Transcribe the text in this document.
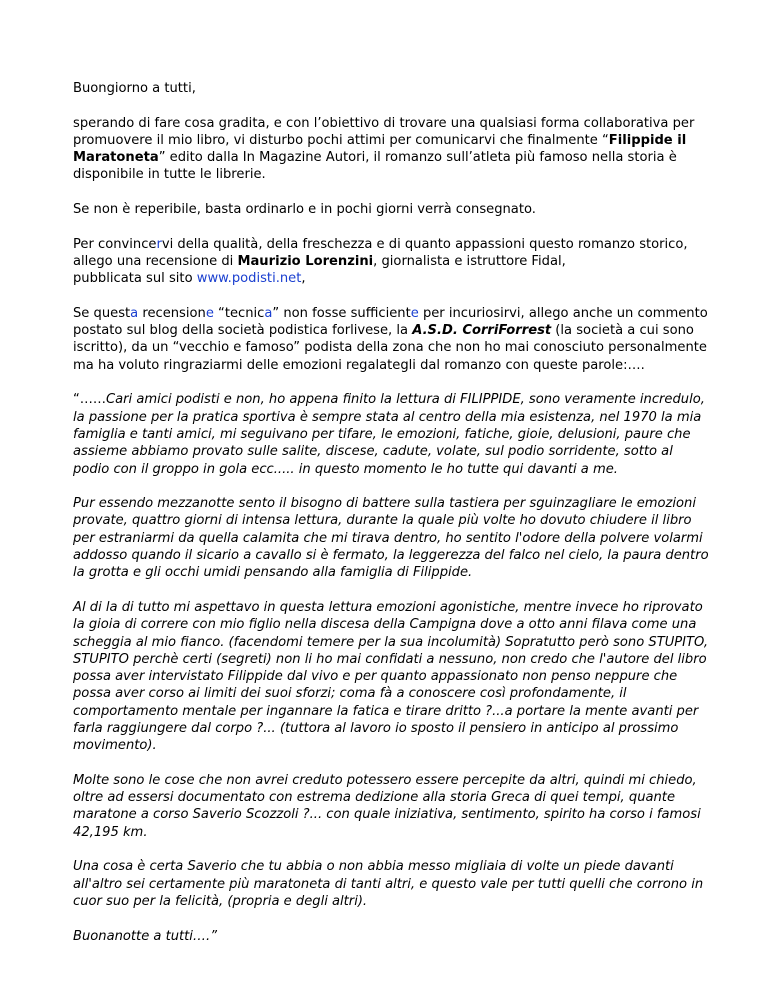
Buongiorno a tutti,

sperando di fare cosa gradita, e con l’obiettivo di trovare una qualsiasi forma collaborativa per promuovere il mio libro, vi disturbo pochi attimi per comunicarvi che finalmente “Filippide il Maratoneta” edito dalla In Magazine Autori, il romanzo sull’atleta più famoso nella storia è disponibile in tutte le librerie.

Se non è reperibile, basta ordinarlo e in pochi giorni verrà consegnato.

Per convincervi della qualità, della freschezza e di quanto appassioni questo romanzo storico, allego una recensione di Maurizio Lorenzini, giornalista e istruttore Fidal,
pubblicata sul sito www.podisti.net,

Se questa recensione “tecnica” non fosse sufficiente per incuriosirvi, allego anche un commento postato sul blog della società podistica forlivese, la A.S.D. CorriForrest (la società a cui sono iscritto), da un “vecchio e famoso” podista della zona che non ho mai conosciuto personalmente ma ha voluto ringraziarmi delle emozioni regalategli dal romanzo con queste parole:….

“……Cari amici podisti e non, ho appena finito la lettura di FILIPPIDE, sono veramente incredulo, la passione per la pratica sportiva è sempre stata al centro della mia esistenza, nel 1970 la mia famiglia e tanti amici, mi seguivano per tifare, le emozioni, fatiche, gioie, delusioni, paure che assieme abbiamo provato sulle salite, discese, cadute, volate, sul podio sorridente, sotto al podio con il groppo in gola ecc..... in questo momento le ho tutte qui davanti a me.

Pur essendo mezzanotte sento il bisogno di battere sulla tastiera per sguinzagliare le emozioni provate, quattro giorni di intensa lettura, durante la quale più volte ho dovuto chiudere il libro per estraniarmi da quella calamita che mi tirava dentro, ho sentito l'odore della polvere volarmi addosso quando il sicario a cavallo si è fermato, la leggerezza del falco nel cielo, la paura dentro la grotta e gli occhi umidi pensando alla famiglia di Filippide.

Al di la di tutto mi aspettavo in questa lettura emozioni agonistiche, mentre invece ho riprovato la gioia di correre con mio figlio nella discesa della Campigna dove a otto anni filava come una scheggia al mio fianco. (facendomi temere per la sua incolumità) Sopratutto però sono STUPITO, STUPITO perchè certi (segreti) non li ho mai confidati a nessuno, non credo che l'autore del libro possa aver intervistato Filippide dal vivo e per quanto appassionato non penso neppure che possa aver corso ai limiti dei suoi sforzi; coma fà a conoscere così profondamente, il comportamento mentale per ingannare la fatica e tirare dritto ?...a portare la mente avanti per farla raggiungere dal corpo ?... (tuttora al lavoro io sposto il pensiero in anticipo al prossimo movimento).

Molte sono le cose che non avrei creduto potessero essere percepite da altri, quindi mi chiedo, oltre ad essersi documentato con estrema dedizione alla storia Greca di quei tempi, quante maratone a corso Saverio Scozzoli ?... con quale iniziativa, sentimento, spirito ha corso i famosi 42,195 km.

Una cosa è certa Saverio che tu abbia o non abbia messo migliaia di volte un piede davanti all'altro sei certamente più maratoneta di tanti altri, e questo vale per tutti quelli che corrono in cuor suo per la felicità, (propria e degli altri).

Buonanotte a tutti….”
